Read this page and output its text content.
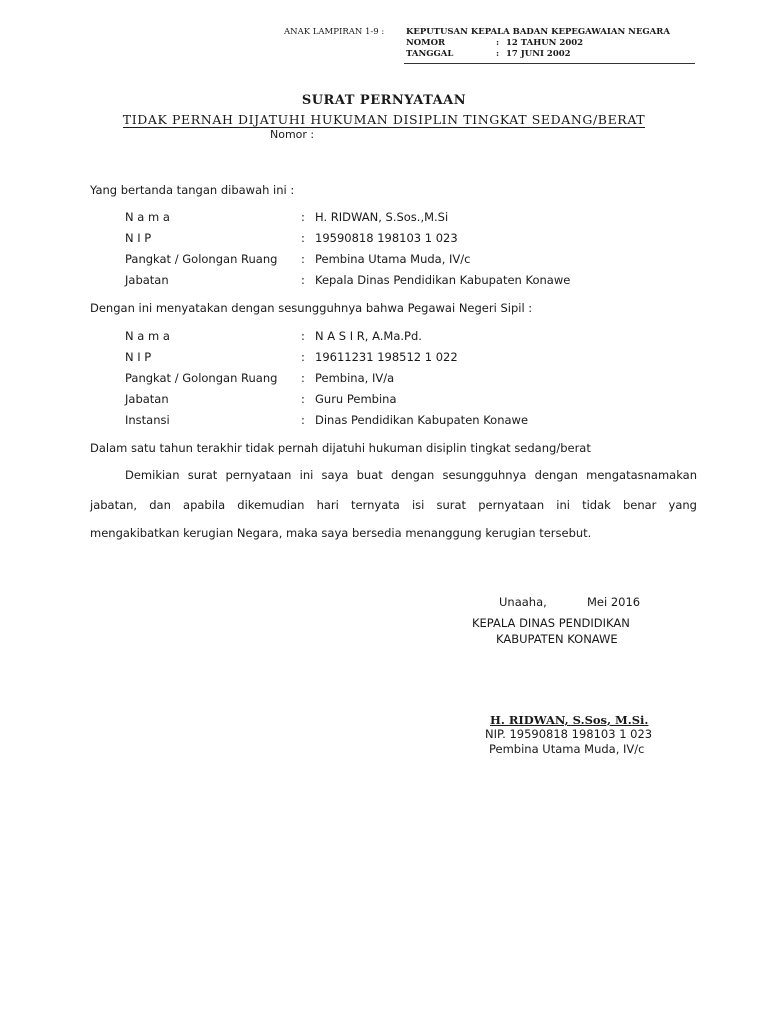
ANAK LAMPIRAN 1-9 :	KEPUTUSAN KEPALA BADAN KEPEGAWAIAN NEGARA
NOMOR	: 12 TAHUN 2002
TANGGAL	: 17 JUNI 2002
SURAT PERNYATAAN
TIDAK PERNAH DIJATUHI HUKUMAN DISIPLIN TINGKAT SEDANG/BERAT
Nomor :
Yang bertanda tangan dibawah ini :
N a m a	: H. RIDWAN, S.Sos.,M.Si
N I P	: 19590818 198103 1 023
Pangkat / Golongan Ruang : Pembina Utama Muda, IV/c
Jabatan	: Kepala Dinas Pendidikan Kabupaten Konawe
Dengan ini menyatakan dengan sesungguhnya bahwa Pegawai Negeri Sipil :
N a m a	: N A S I R, A.Ma.Pd.
N I P	: 19611231 198512 1 022
Pangkat / Golongan Ruang : Pembina, IV/a
Jabatan	: Guru Pembina
Instansi	: Dinas Pendidikan Kabupaten Konawe
Dalam satu tahun terakhir tidak pernah dijatuhi hukuman disiplin tingkat sedang/berat
Demikian surat pernyataan ini saya buat dengan sesungguhnya dengan mengatasnamakan
jabatan, dan apabila dikemudian hari ternyata isi surat pernyataan ini tidak benar yang
mengakibatkan kerugian Negara, maka saya bersedia menanggung kerugian tersebut.
Unaaha,	Mei 2016
KEPALA DINAS PENDIDIKAN
KABUPATEN KONAWE
H. RIDWAN, S.Sos, M.Si.
NIP. 19590818 198103 1 023
Pembina Utama Muda, IV/c
